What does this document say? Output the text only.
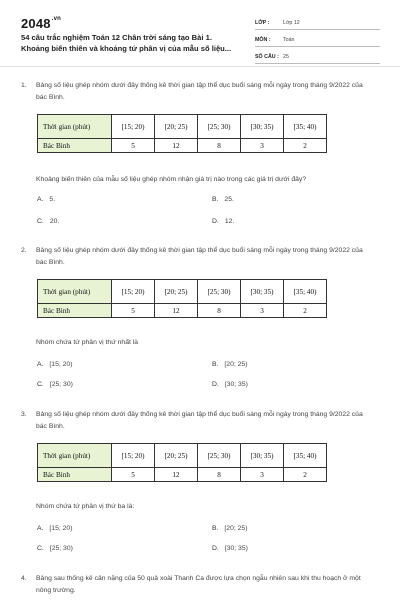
$2048^{.vn}$
54 câu trắc nghiệm Toán 12 Chân trời sáng tạo Bài 1.
Khoảng biến thiên và khoảng tứ phân vị của mẫu số liệu...
LỚP :	Lớp 12
MÔN : Toán
SỐ CÂU : 25
1.	Bảng số liệu ghép nhóm dưới đây thống kê thời gian tập thể dục buổi sáng mỗi ngày trong tháng 9/2022 của bác Bình.
Thời gian (phút)	[15; 20)	[20; 25)	[25; 30)	[30; 35)	[35; 40)
Bác Bình	5	12	8	3	2
Khoảng biến thiên của mẫu số liệu ghép nhóm nhận giá trị nào trong các giá trị dưới đây?
A. 5.	B. 25.
C. 20.	D. 12.
2.	Bảng số liệu ghép nhóm dưới đây thống kê thời gian tập thể dục buổi sáng mỗi ngày trong tháng 9/2022 của bác Bình.
Thời gian (phút)	[15; 20)	[20; 25)	[25; 30)	[30; 35)	[35; 40)
Bác Bình	5	12	8	3	2
Nhóm chứa tứ phân vị thứ nhất là
A. [15; 20)	B. [20; 25)
C. [25; 30)	D. [30; 35)
3.	Bảng số liệu ghép nhóm dưới đây thống kê thời gian tập thể dục buổi sáng mỗi ngày trong tháng 9/2022 của bác Bình.
Thời gian (phút)	[15; 20)	[20; 25)	[25; 30)	[30; 35)	[35; 40)
Bác Bình	5	12	8	3	2
Nhóm chứa tứ phân vị thứ ba là:
A. [15; 20)	B. [20; 25)
C. [25; 30)	D. [30; 35)
4.	Bảng sau thống kê cân nặng của 50 quả xoài Thanh Ca được lựa chọn ngẫu nhiên sau khi thu hoạch ở một nông trường.
